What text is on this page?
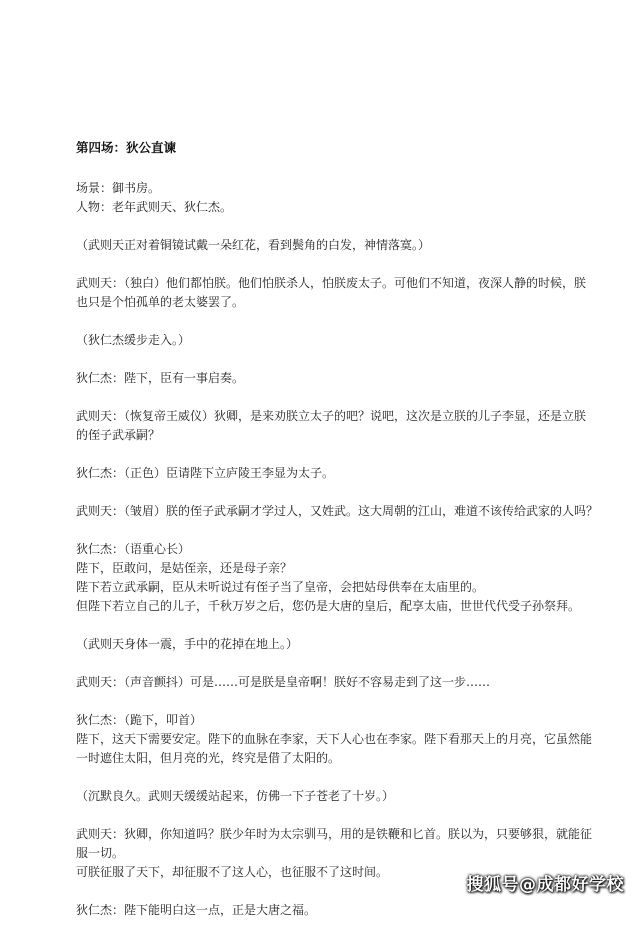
第四场：狄公直谏
场景：御书房。
人物：老年武则天、狄仁杰。
（武则天正对着铜镜试戴一朵红花，看到鬓角的白发，神情落寞。）
武则天：（独白）他们都怕朕。他们怕朕杀人，怕朕废太子。可他们不知道，夜深人静的时候，朕
也只是个怕孤单的老太婆罢了。
（狄仁杰缓步走入。）
狄仁杰：陛下，臣有一事启奏。
武则天：（恢复帝王威仪）狄卿，是来劝朕立太子的吧？说吧，这次是立朕的儿子李显，还是立朕
的侄子武承嗣？
狄仁杰：（正色）臣请陛下立庐陵王李显为太子。
武则天：（皱眉）朕的侄子武承嗣才学过人，又姓武。这大周朝的江山，难道不该传给武家的人吗？
狄仁杰：（语重心长）
陛下，臣敢问，是姑侄亲，还是母子亲？
陛下若立武承嗣，臣从未听说过有侄子当了皇帝，会把姑母供奉在太庙里的。
但陛下若立自己的儿子，千秋万岁之后，您仍是大唐的皇后，配享太庙，世世代代受子孙祭拜。
（武则天身体一震，手中的花掉在地上。）
武则天：（声音颤抖）可是……可是朕是皇帝啊！朕好不容易走到了这一步……
狄仁杰：（跪下，叩首）
陛下，这天下需要安定。陛下的血脉在李家，天下人心也在李家。陛下看那天上的月亮，它虽然能
一时遮住太阳，但月亮的光，终究是借了太阳的。
（沉默良久。武则天缓缓站起来，仿佛一下子苍老了十岁。）
武则天：狄卿，你知道吗？朕少年时为太宗驯马，用的是铁鞭和匕首。朕以为，只要够狠，就能征
服一切。
可朕征服了天下，却征服不了这人心，也征服不了这时间。
狄仁杰：陛下能明白这一点，正是大唐之福。
搜狐号@成都好学校
